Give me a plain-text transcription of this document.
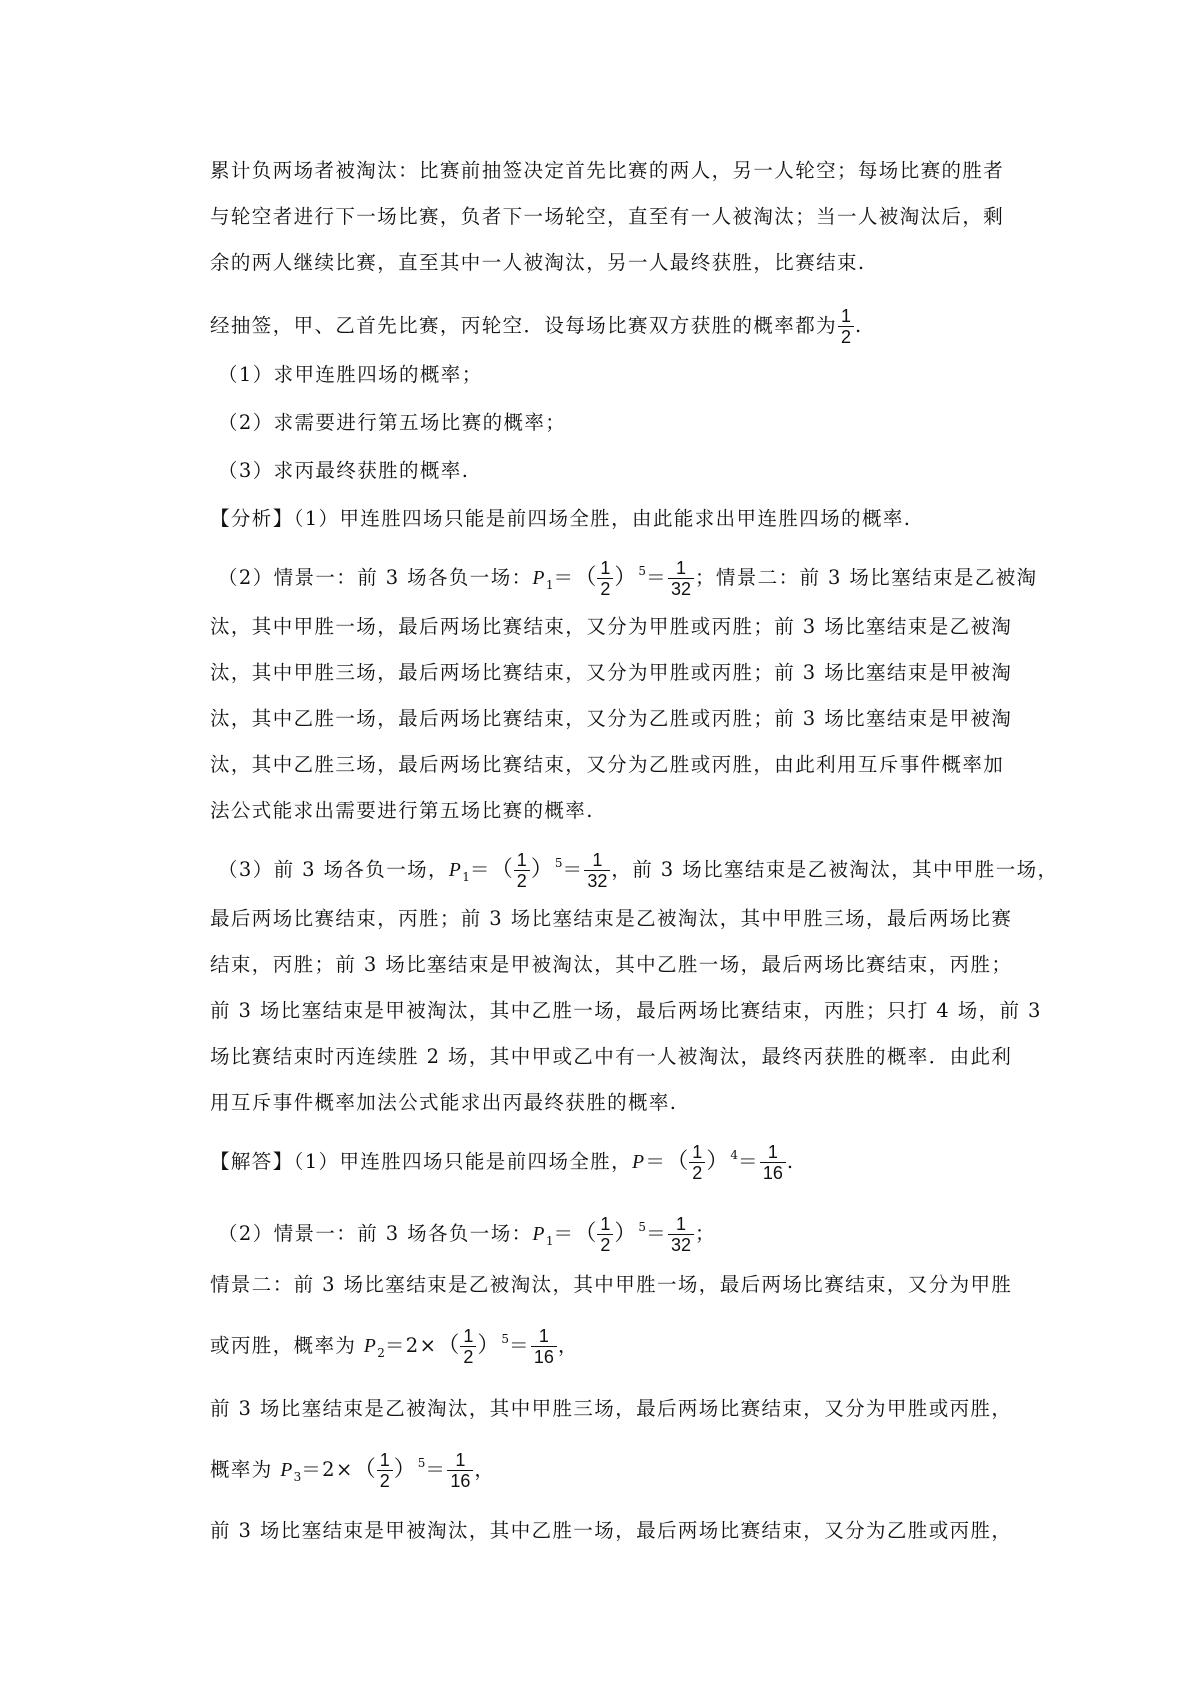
累计负两场者被淘汰：比赛前抽签决定首先比赛的两人，另一人轮空；每场比赛的胜者
与轮空者进行下一场比赛，负者下一场轮空，直至有一人被淘汰；当一人被淘汰后，剩
余的两人继续比赛，直至其中一人被淘汰，另一人最终获胜，比赛结束.
经抽签，甲、乙首先比赛，丙轮空．设每场比赛双方获胜的概率都为 $\frac{1}{2}$ .
（1）求甲连胜四场的概率；
（2）求需要进行第五场比赛的概率；
（3）求丙最终获胜的概率.
【分析】（1）甲连胜四场只能是前四场全胜，由此能求出甲连胜四场的概率.
（2）情景一：前 3 场各负一场：$P_1=( \frac{1}{2}$ ） $^5= \frac{1}{32}$ ；情景二：前 3 场比塞结束是乙被淘
汰，其中甲胜一场，最后两场比赛结束，又分为甲胜或丙胜；前 3 场比塞结束是乙被淘
汰，其中甲胜三场，最后两场比赛结束，又分为甲胜或丙胜；前 3 场比塞结束是甲被淘
汰，其中乙胜一场，最后两场比赛结束，又分为乙胜或丙胜；前 3 场比塞结束是甲被淘
汰，其中乙胜三场，最后两场比赛结束，又分为乙胜或丙胜，由此利用互斥事件概率加
法公式能求出需要进行第五场比赛的概率.
（3）前 3 场各负一场，$P_1=( \frac{1}{2}$ ） $^5= \frac{1}{32}$ ，前 3 场比塞结束是乙被淘汰，其中甲胜一场，
最后两场比赛结束，丙胜；前 3 场比塞结束是乙被淘汰，其中甲胜三场，最后两场比赛
结束，丙胜；前 3 场比塞结束是甲被淘汰，其中乙胜一场，最后两场比赛结束，丙胜；
前 3 场比塞结束是甲被淘汰，其中乙胜一场，最后两场比赛结束，丙胜；只打 4 场，前 3
场比赛结束时丙连续胜 2 场，其中甲或乙中有一人被淘汰，最终丙获胜的概率．由此利
用互斥事件概率加法公式能求出丙最终获胜的概率.
【解答】（1）甲连胜四场只能是前四场全胜，$P=( \frac{1}{2}$ ） $^4= \frac{1}{16}$ .
（2）情景一：前 3 场各负一场：$P_1=( \frac{1}{2}$ ） $^5= \frac{1}{32}$ ；
情景二：前 3 场比塞结束是乙被淘汰，其中甲胜一场，最后两场比赛结束，又分为甲胜
或丙胜，概率为 $P_2=2\times( \frac{1}{2}$ ） $^5= \frac{1}{16}$ ，
前 3 场比塞结束是乙被淘汰，其中甲胜三场，最后两场比赛结束，又分为甲胜或丙胜，
概率为 $P_3=2\times( \frac{1}{2}$ ） $^5= \frac{1}{16}$ ，
前 3 场比塞结束是甲被淘汰，其中乙胜一场，最后两场比赛结束，又分为乙胜或丙胜，
